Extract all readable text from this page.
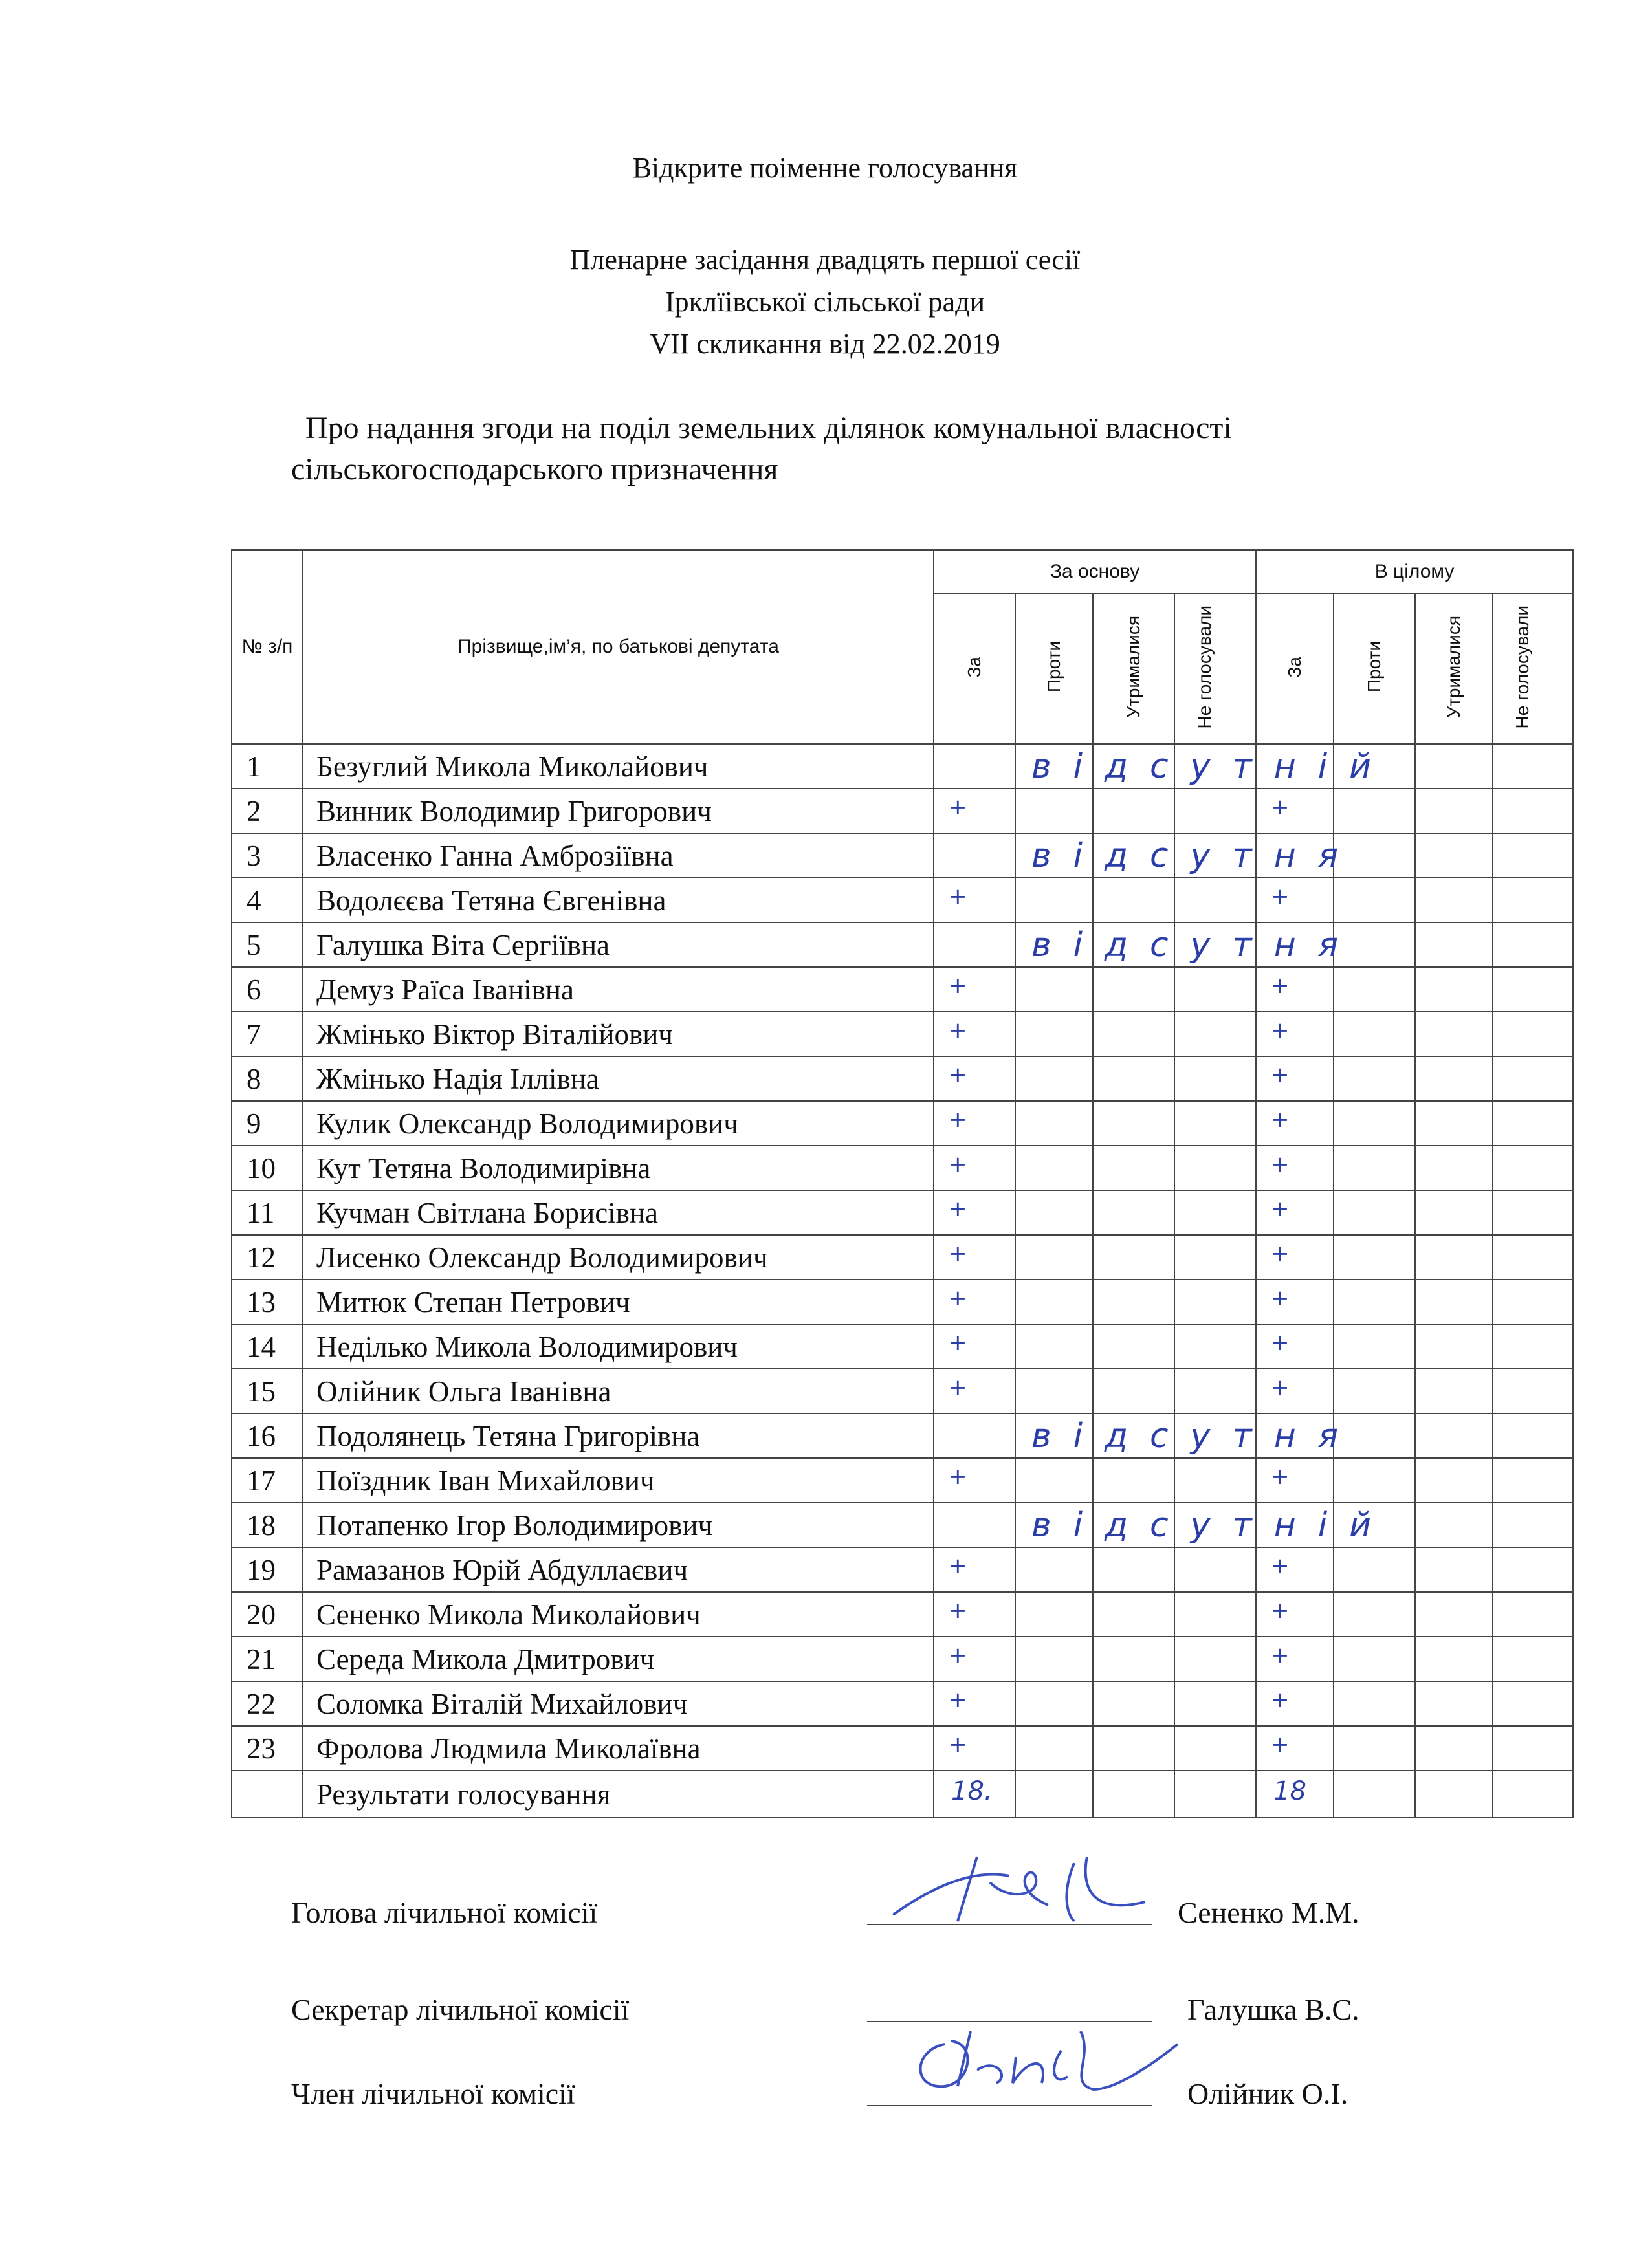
Відкрите поіменне голосування
Пленарне засідання двадцять першої сесії
Ірклїівської сільської ради
VII скликання від 22.02.2019
Про надання згоди на поділ земельних ділянок комунальної власності
сільськогосподарського призначення
№ з/п	Прізвище,ім’я, по батькові депутата	За основу				В цілому			
		За	Проти	Утрималися	Не голосували	За	Проти	Утрималися	Не голосували
1	Безуглий Микола Миколайович	відсутній							

2	Винник Володимир Григорович	+				+			

3	Власенко Ганна Амброзіївна	відсутня							

4	Водолєєва Тетяна Євгенівна	+				+			

5	Галушка Віта Сергіївна	відсутня							

6	Демуз Раїса Іванівна	+				+			

7	Жмінько Віктор Віталійович	+				+			

8	Жмінько Надія Іллівна	+				+			

9	Кулик Олександр Володимирович	+				+			

10	Кут Тетяна Володимирівна	+				+			

11	Кучман Світлана Борисівна	+				+			

12	Лисенко Олександр Володимирович	+				+			

13	Митюк Степан Петрович	+				+			

14	Неділько Микола Володимирович	+				+			

15	Олійник Ольга Іванівна	+				+			

16	Подолянець Тетяна Григорівна	відсутня							

17	Поїздник Іван Михайлович	+				+			

18	Потапенко Ігор Володимирович	відсутній							

19	Рамазанов Юрій Абдуллаєвич	+				+			

20	Сененко Микола Миколайович	+				+			

21	Середа Микола Дмитрович	+				+			

22	Соломка Віталій Михайлович	+				+			

23	Фролова Людмила Миколаївна	+				+			

	Результати голосування	18.				18			

Голова лічильної комісії	Сененко М.М.
Секретар лічильної комісії	Галушка В.С.
Член лічильної комісії	Олійник О.І.
